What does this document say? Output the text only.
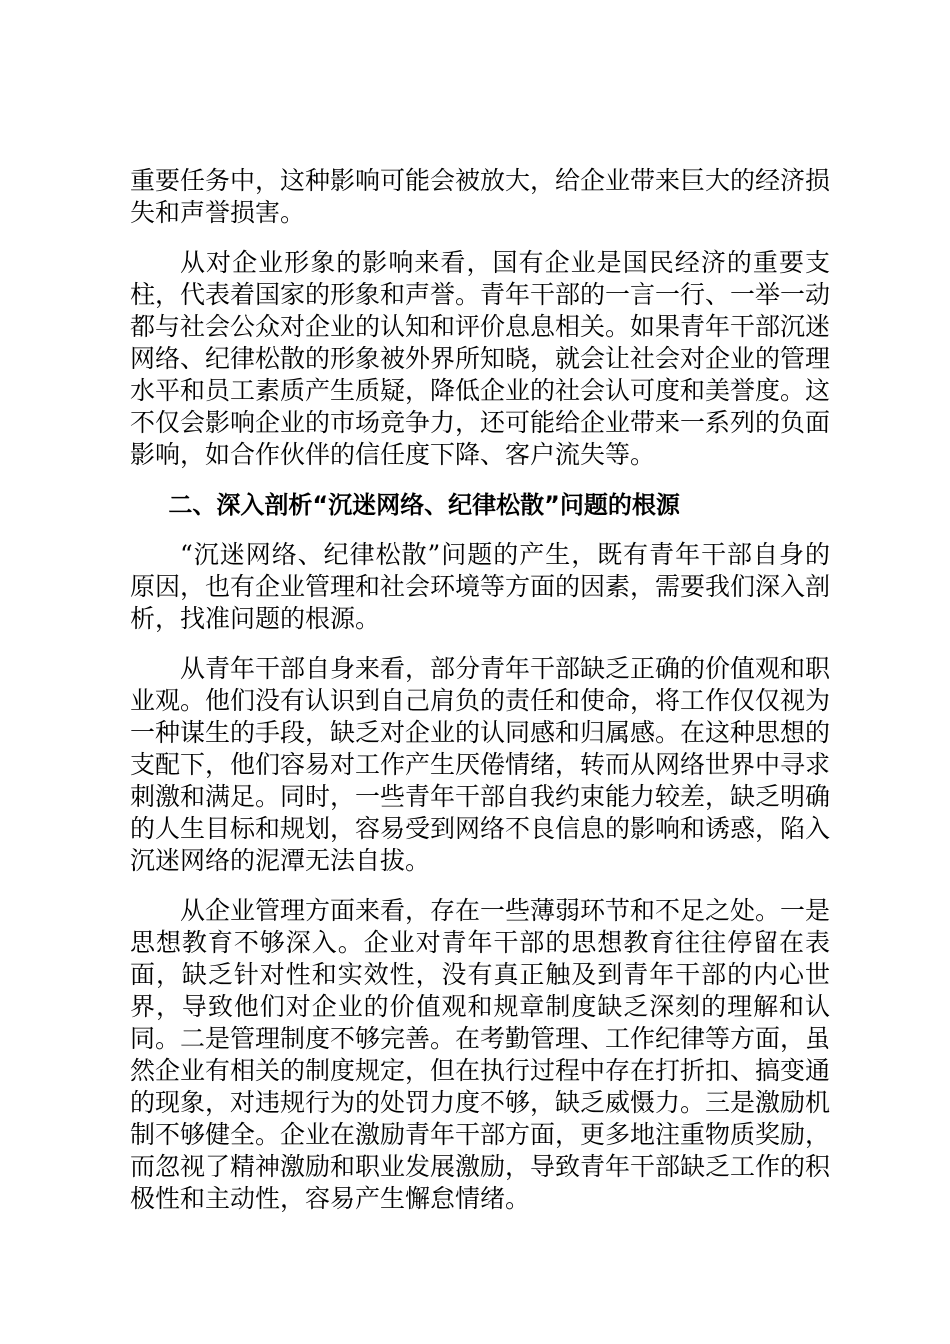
重要任务中，这种影响可能会被放大，给企业带来巨大的经济损失和声誉损害。

从对企业形象的影响来看，国有企业是国民经济的重要支柱，代表着国家的形象和声誉。青年干部的一言一行、一举一动都与社会公众对企业的认知和评价息息相关。如果青年干部沉迷网络、纪律松散的形象被外界所知晓，就会让社会对企业的管理水平和员工素质产生质疑，降低企业的社会认可度和美誉度。这不仅会影响企业的市场竞争力，还可能给企业带来一系列的负面影响，如合作伙伴的信任度下降、客户流失等。

二、深入剖析“沉迷网络、纪律松散”问题的根源

“沉迷网络、纪律松散”问题的产生，既有青年干部自身的原因，也有企业管理和社会环境等方面的因素，需要我们深入剖析，找准问题的根源。

从青年干部自身来看，部分青年干部缺乏正确的价值观和职业观。他们没有认识到自己肩负的责任和使命，将工作仅仅视为一种谋生的手段，缺乏对企业的认同感和归属感。在这种思想的支配下，他们容易对工作产生厌倦情绪，转而从网络世界中寻求刺激和满足。同时，一些青年干部自我约束能力较差，缺乏明确的人生目标和规划，容易受到网络不良信息的影响和诱惑，陷入沉迷网络的泥潭无法自拔。

从企业管理方面来看，存在一些薄弱环节和不足之处。一是思想教育不够深入。企业对青年干部的思想教育往往停留在表面，缺乏针对性和实效性，没有真正触及到青年干部的内心世界，导致他们对企业的价值观和规章制度缺乏深刻的理解和认同。二是管理制度不够完善。在考勤管理、工作纪律等方面，虽然企业有相关的制度规定，但在执行过程中存在打折扣、搞变通的现象，对违规行为的处罚力度不够，缺乏威慑力。三是激励机制不够健全。企业在激励青年干部方面，更多地注重物质奖励，而忽视了精神激励和职业发展激励，导致青年干部缺乏工作的积极性和主动性，容易产生懈怠情绪。
